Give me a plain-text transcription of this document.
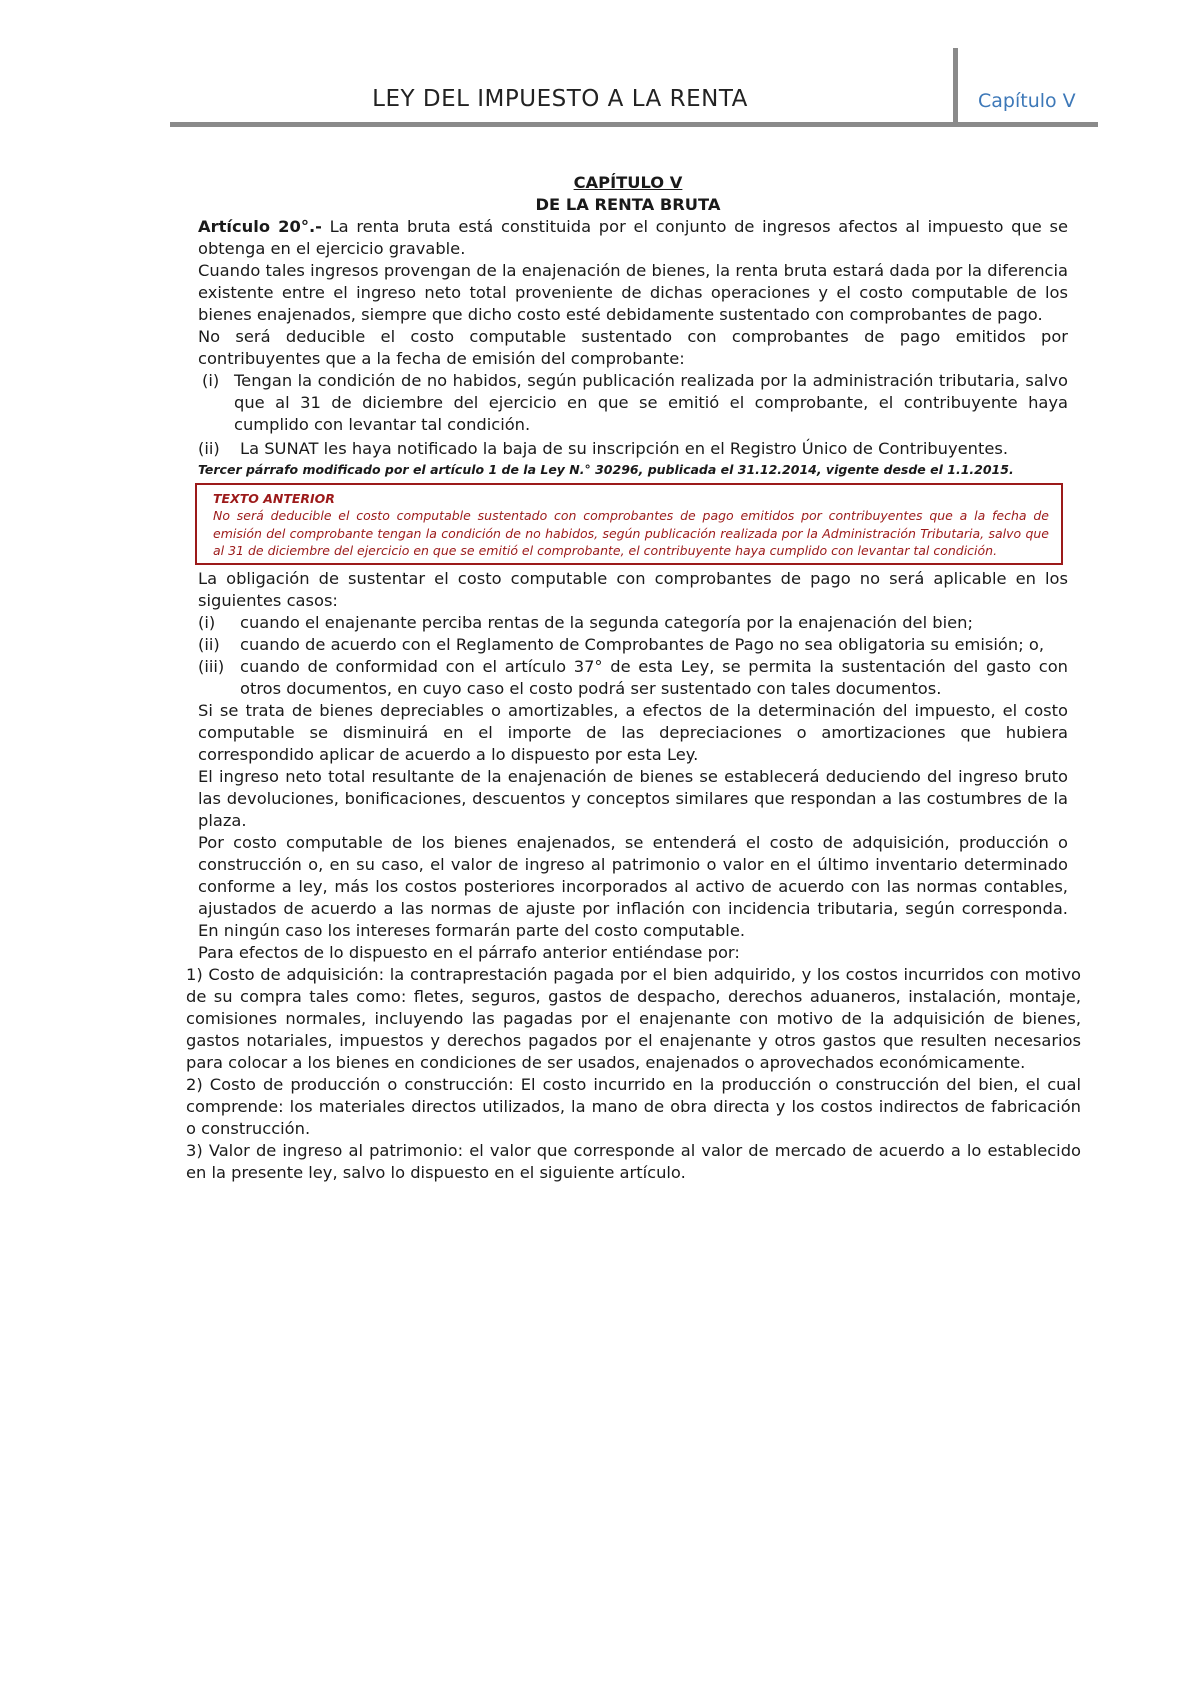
LEY DEL IMPUESTO A LA RENTA	Capítulo V
CAPÍTULO V
DE LA RENTA BRUTA

Artículo 20°.- La renta bruta está constituida por el conjunto de ingresos afectos al impuesto que se obtenga en el ejercicio gravable.

Cuando tales ingresos provengan de la enajenación de bienes, la renta bruta estará dada por la diferencia existente entre el ingreso neto total proveniente de dichas operaciones y el costo computable de los bienes enajenados, siempre que dicho costo esté debidamente sustentado con comprobantes de pago.

No será deducible el costo computable sustentado con comprobantes de pago emitidos por contribuyentes que a la fecha de emisión del comprobante:

(i) Tengan la condición de no habidos, según publicación realizada por la administración tributaria, salvo que al 31 de diciembre del ejercicio en que se emitió el comprobante, el contribuyente haya cumplido con levantar tal condición.
(ii)	La SUNAT les haya notificado la baja de su inscripción en el Registro Único de Contribuyentes.
Tercer párrafo modificado por el artículo 1 de la Ley N.° 30296, publicada el 31.12.2014, vigente desde el 1.1.2015.
TEXTO ANTERIOR
No será deducible el costo computable sustentado con comprobantes de pago emitidos por contribuyentes que a la fecha de emisión del comprobante tengan la condición de no habidos, según publicación realizada por la Administración Tributaria, salvo que al 31 de diciembre del ejercicio en que se emitió el comprobante, el contribuyente haya cumplido con levantar tal condición.

La obligación de sustentar el costo computable con comprobantes de pago no será aplicable en los siguientes casos:

(i)	cuando el enajenante perciba rentas de la segunda categoría por la enajenación del bien;
(ii)	cuando de acuerdo con el Reglamento de Comprobantes de Pago no sea obligatoria su emisión; o,
(iii) cuando de conformidad con el artículo 37° de esta Ley, se permita la sustentación del gasto con otros documentos, en cuyo caso el costo podrá ser sustentado con tales documentos.

Si se trata de bienes depreciables o amortizables, a efectos de la determinación del impuesto, el costo computable se disminuirá en el importe de las depreciaciones o amortizaciones que hubiera correspondido aplicar de acuerdo a lo dispuesto por esta Ley.

El ingreso neto total resultante de la enajenación de bienes se establecerá deduciendo del ingreso bruto las devoluciones, bonificaciones, descuentos y conceptos similares que respondan a las costumbres de la plaza.

Por costo computable de los bienes enajenados, se entenderá el costo de adquisición, producción o construcción o, en su caso, el valor de ingreso al patrimonio o valor en el último inventario determinado conforme a ley, más los costos posteriores incorporados al activo de acuerdo con las normas contables, ajustados de acuerdo a las normas de ajuste por inflación con incidencia tributaria, según corresponda. En ningún caso los intereses formarán parte del costo computable.

Para efectos de lo dispuesto en el párrafo anterior entiéndase por:

1) Costo de adquisición: la contraprestación pagada por el bien adquirido, y los costos incurridos con motivo de su compra tales como: fletes, seguros, gastos de despacho, derechos aduaneros, instalación, montaje, comisiones normales, incluyendo las pagadas por el enajenante con motivo de la adquisición de bienes, gastos notariales, impuestos y derechos pagados por el enajenante y otros gastos que resulten necesarios para colocar a los bienes en condiciones de ser usados, enajenados o aprovechados económicamente.

2) Costo de producción o construcción: El costo incurrido en la producción o construcción del bien, el cual comprende: los materiales directos utilizados, la mano de obra directa y los costos indirectos de fabricación o construcción.

3) Valor de ingreso al patrimonio: el valor que corresponde al valor de mercado de acuerdo a lo establecido en la presente ley, salvo lo dispuesto en el siguiente artículo.
